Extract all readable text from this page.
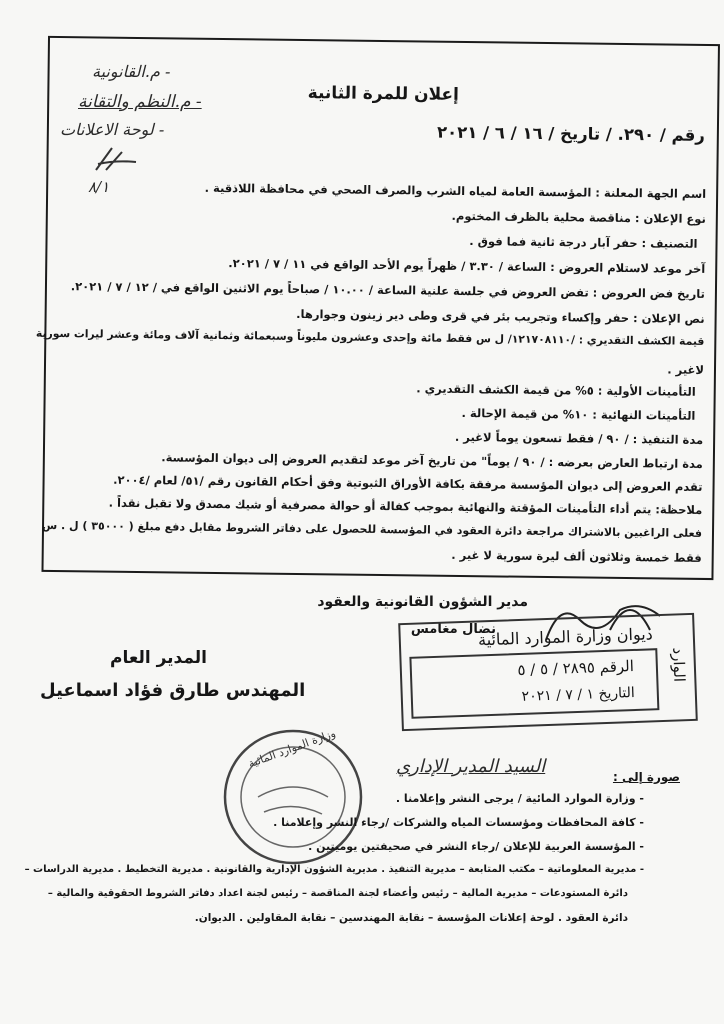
- م.القانونية
- م.النظم والتقانة
- لوحة الاعلانات
٨/١
إعلان للمرة الثانية
رقم / ٢٩٠. / تاريخ / ١٦ / ٦ / ٢٠٢١
اسم الجهة المعلنة : المؤسسة العامة لمياه الشرب والصرف الصحي في محافظة اللاذقية .
نوع الإعلان : مناقصة محلية بالظرف المختوم.
التصنيف : حفر آبار درجة ثانية فما فوق .
آخر موعد لاستلام العروض : الساعة / ٣.٣٠ / ظهراً يوم الأحد الواقع في ١١ / ٧ / ٢٠٢١.
تاريخ فض العروض : تفض العروض في جلسة علنية الساعة / ١٠.٠٠ / صباحاً يوم الاثنين الواقع في / ١٢ / ٧ / ٢٠٢١.
نص الإعلان : حفر وإكساء وتجريب بئر في قرى وطى دير زينون وجوارها.
قيمة الكشف التقديري : /١٢١٧٠٨١١٠/ ل س فقط مائة وإحدى وعشرون مليوناً وسبعمائة وثمانية آلاف ومائة وعشر ليرات سورية
لاغير .
التأمينات الأولية : ٥% من قيمة الكشف التقديري .
التأمينات النهائية : ١٠% من قيمة الإحالة .
مدة التنفيذ : / ٩٠ / فقط تسعون يوماً لاغير .
مدة ارتباط العارض بعرضه : / ٩٠ / يوماً" من تاريخ آخر موعد لتقديم العروض إلى ديوان المؤسسة.
تقدم العروض إلى ديوان المؤسسة مرفقة بكافة الأوراق الثبوتية وفق أحكام القانون رقم /٥١/ لعام /٢٠٠٤.
ملاحظة: يتم أداء التأمينات المؤقتة والنهائية بموجب كفالة أو حوالة مصرفية أو شيك مصدق ولا تقبل نقداً .
فعلى الراغبين بالاشتراك مراجعة دائرة العقود في المؤسسة للحصول على دفاتر الشروط مقابل دفع مبلغ ( ٣٥٠٠٠ ) ل . س
فقط خمسة وثلاثون ألف ليرة سورية لا غير .
مدير الشؤون القانونية والعقود
نضال مغامس
المدير العام
المهندس طارق فؤاد اسماعيل
ديوان وزارة الموارد المائية
الرقم ٢٨٩٥ / ٥ / ٥
التاريخ ١ / ٧ / ٢٠٢١
الوارد
السيد المدير الإداري
وزارة الموارد المائية
صورة إلى :
- وزارة الموارد المائية / يرجى النشر وإعلامنا .
- كافة المحافظات ومؤسسات المياه والشركات /رجاء النشر وإعلامنا .
- المؤسسة العربية للإعلان /رجاء النشر في صحيفتين يوميتين .
- مديرية المعلوماتية – مكتب المتابعة – مديرية التنفيذ . مديرية الشؤون الإدارية والقانونية . مديرية التخطيط . مديرية الدراسات –
دائرة المستودعات – مديرية المالية – رئيس وأعضاء لجنة المناقصة – رئيس لجنة اعداد دفاتر الشروط الحقوقية والمالية –
دائرة العقود . لوحة إعلانات المؤسسة – نقابة المهندسين – نقابة المقاولين . الديوان.
